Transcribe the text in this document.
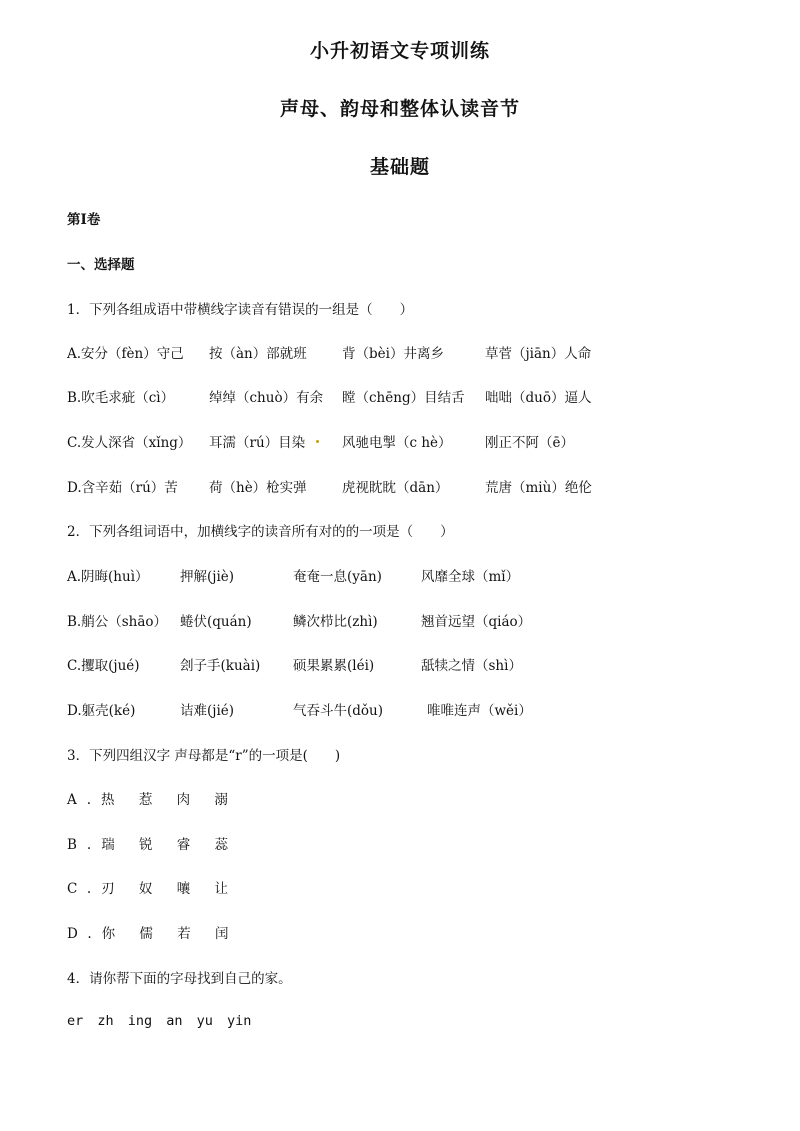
小升初语文专项训练
声母、韵母和整体认读音节
基础题
第I卷
一、选择题
1．下列各组成语中带横线字读音有错误的一组是（　　）
A.安分（fèn）守己 按（àn）部就班	背（bèi）井离乡	草菅（jiān）人命
B.吹毛求疵（cì）	绰绰（chuò）有余 瞠（chēng）目结舌 咄咄（duō）逼人
C.发人深省（xǐng） 耳濡（rú）目染	风驰电掣（c hè） 刚正不阿（ē）
D.含辛茹（rú）苦 荷（hè）枪实弹	虎视眈眈（dān）	荒唐（miù）绝伦
2．下列各组词语中，加横线字的读音所有对的的一项是（　　）
A.阴晦(huì） 押解(jiè)	奄奄一息(yān)	风靡全球（mǐ）
B.艄公（shāo） 蜷伏(quán)	鳞次栉比(zhì)	翘首远望（qiáo）
C.攫取(jué)	刽子手(kuài) 硕果累累(léi)	舐犊之情（shì）
D.躯壳(ké)	诘难(jié)	气吞斗牛(dǒu)	唯唯连声（wěi）
3．下列四组汉字 声母都是“r”的一项是(　　)
A.热 惹 肉 溺
B.瑞 锐 睿 蕊
C.刃 奴 嚷 让
D.你 儒 若 闰
4．请你帮下面的字母找到自己的家。
er zh ing an yu yin
